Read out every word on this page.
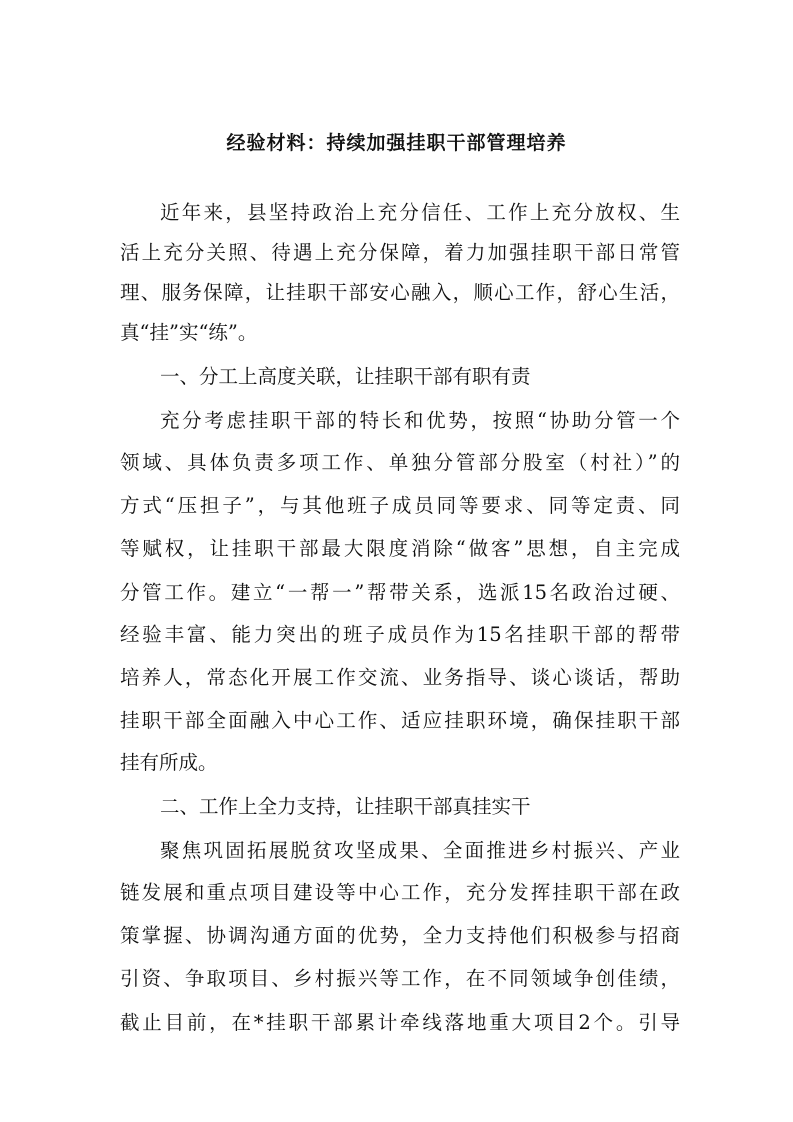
经验材料：持续加强挂职干部管理培养
近年来，县坚持政治上充分信任、工作上充分放权、生
活上充分关照、待遇上充分保障，着力加强挂职干部日常管
理、服务保障，让挂职干部安心融入，顺心工作，舒心生活，
真“挂”实“练”。
一、分工上高度关联，让挂职干部有职有责
充分考虑挂职干部的特长和优势，按照“协助分管一个
领域、具体负责多项工作、单独分管部分股室（村社）”的
方式“压担子”，与其他班子成员同等要求、同等定责、同
等赋权，让挂职干部最大限度消除“做客”思想，自主完成
分管工作。建立“一帮一”帮带关系，选派15名政治过硬、
经验丰富、能力突出的班子成员作为15名挂职干部的帮带
培养人，常态化开展工作交流、业务指导、谈心谈话，帮助
挂职干部全面融入中心工作、适应挂职环境，确保挂职干部
挂有所成。
二、工作上全力支持，让挂职干部真挂实干
聚焦巩固拓展脱贫攻坚成果、全面推进乡村振兴、产业
链发展和重点项目建设等中心工作，充分发挥挂职干部在政
策掌握、协调沟通方面的优势，全力支持他们积极参与招商
引资、争取项目、乡村振兴等工作，在不同领域争创佳绩，
截止目前，在*挂职干部累计牵线落地重大项目2个。引导
